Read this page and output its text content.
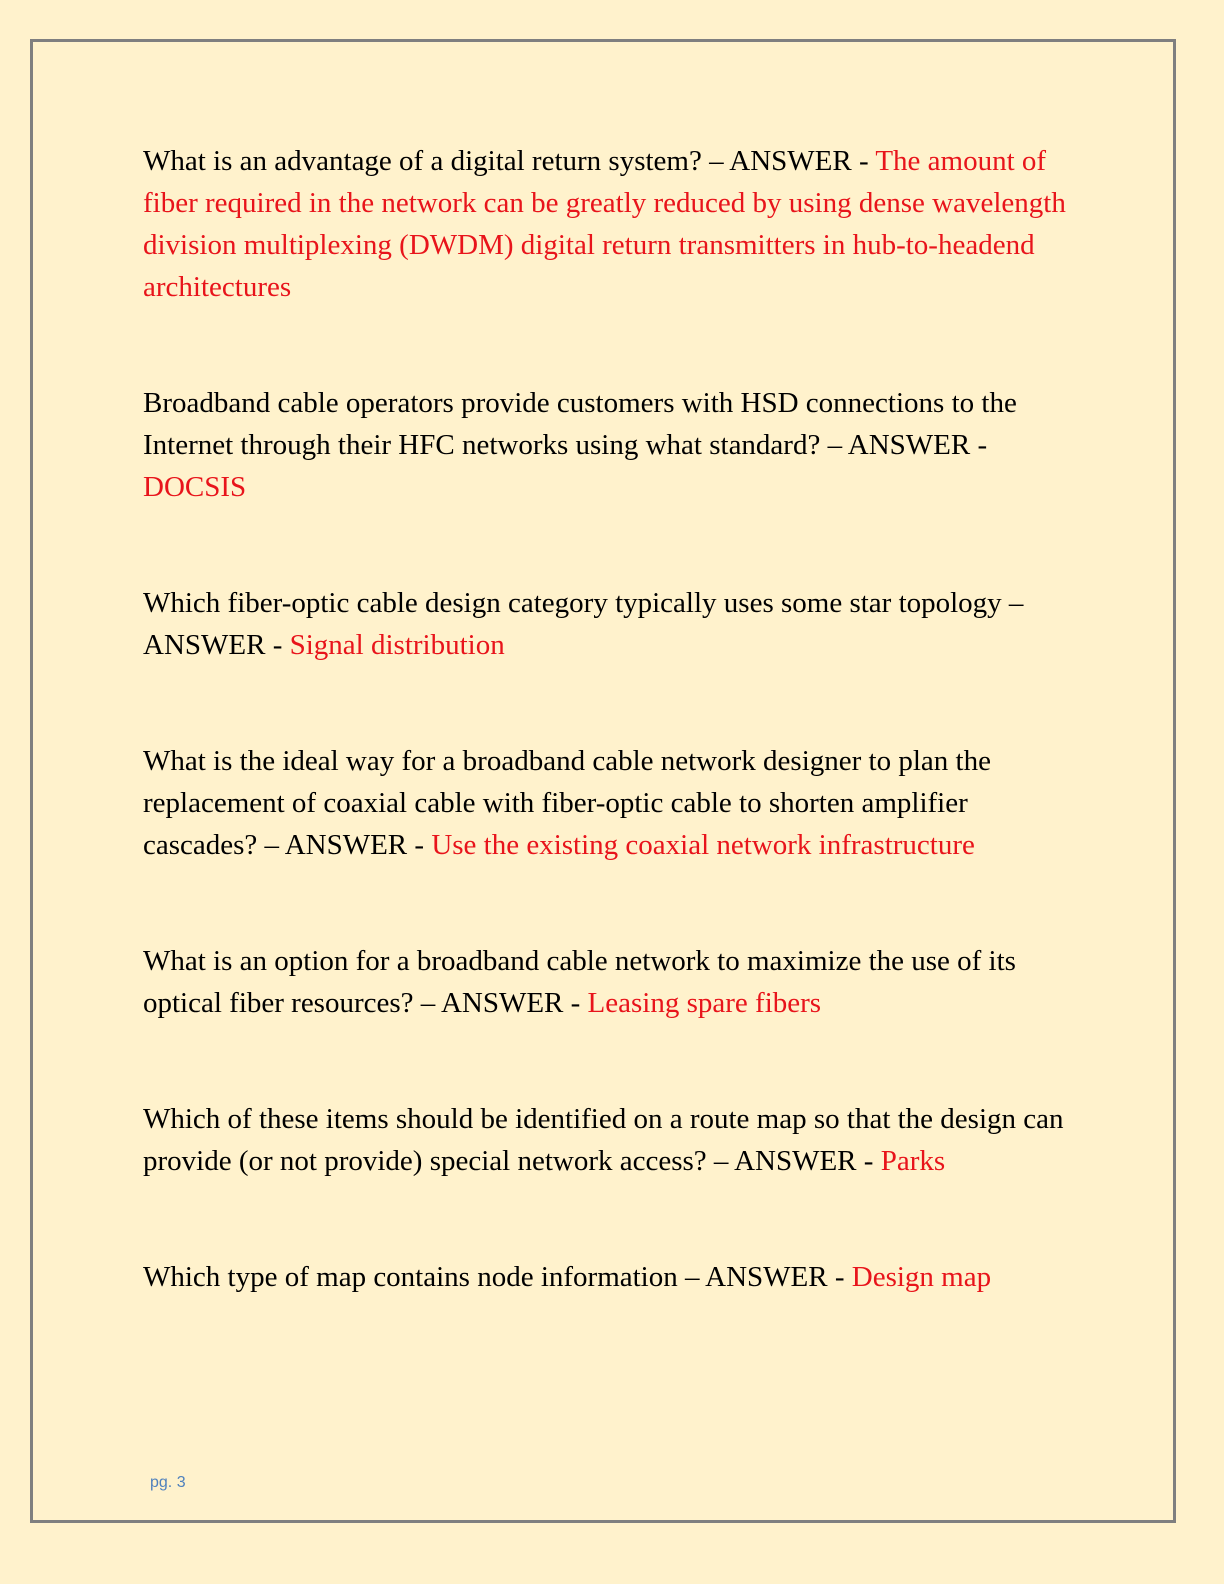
What is an advantage of a digital return system? – ANSWER - The amount of fiber required in the network can be greatly reduced by using dense wavelength division multiplexing (DWDM) digital return transmitters in hub-to-headend architectures

Broadband cable operators provide customers with HSD connections to the Internet through their HFC networks using what standard? – ANSWER - DOCSIS

Which fiber-optic cable design category typically uses some star topology – ANSWER - Signal distribution

What is the ideal way for a broadband cable network designer to plan the replacement of coaxial cable with fiber-optic cable to shorten amplifier cascades? – ANSWER - Use the existing coaxial network infrastructure

What is an option for a broadband cable network to maximize the use of its optical fiber resources? – ANSWER - Leasing spare fibers

Which of these items should be identified on a route map so that the design can provide (or not provide) special network access? – ANSWER - Parks

Which type of map contains node information – ANSWER - Design map

pg. 3
